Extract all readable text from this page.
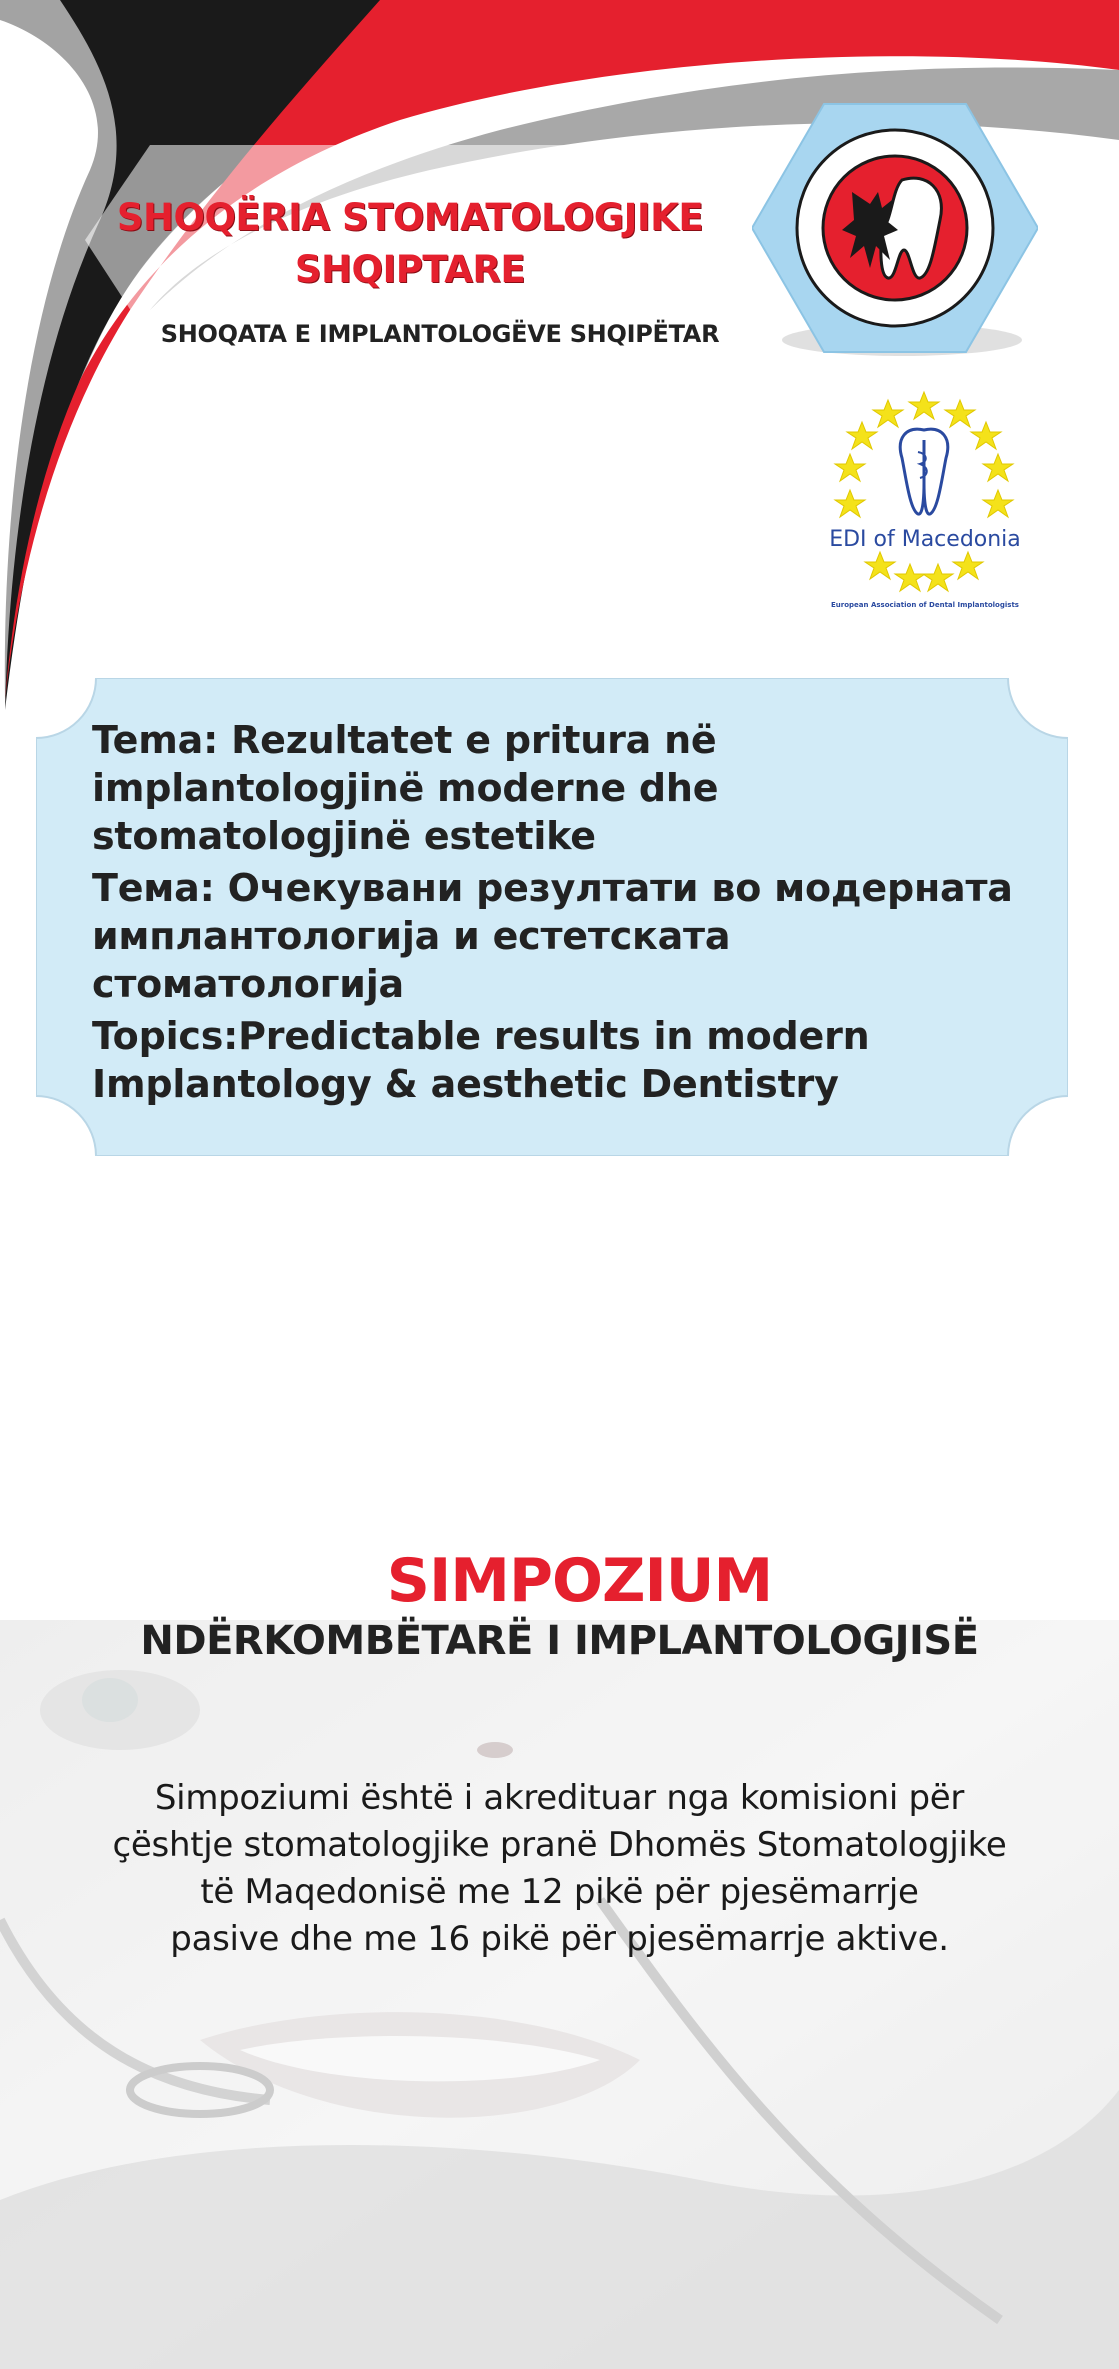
SHOQËRIA STOMATOLOGJIKE
SHQIPTARE
SHOQATA E IMPLANTOLOGËVE SHQIPËTAR
EDI of Macedonia
European Association of Dental Implantologists
Tema: Rezultatet e pritura në implantologjinë moderne dhe stomatologjinë estetike
Тема: Очекувани резултати во модерната имплантологија и естетската стоматологија
Topics:Predictable results in modern Implantology & aesthetic Dentistry
SIMPOZIUM
NDËRKOMBËTARË I IMPLANTOLOGJISË
Simpoziumi është i akredituar nga komisioni për
çështje stomatologjike pranë Dhomës Stomatologjike
të Maqedonisë me 12 pikë për pjesëmarrje
pasive dhe me 16 pikë për pjesëmarrje aktive.
